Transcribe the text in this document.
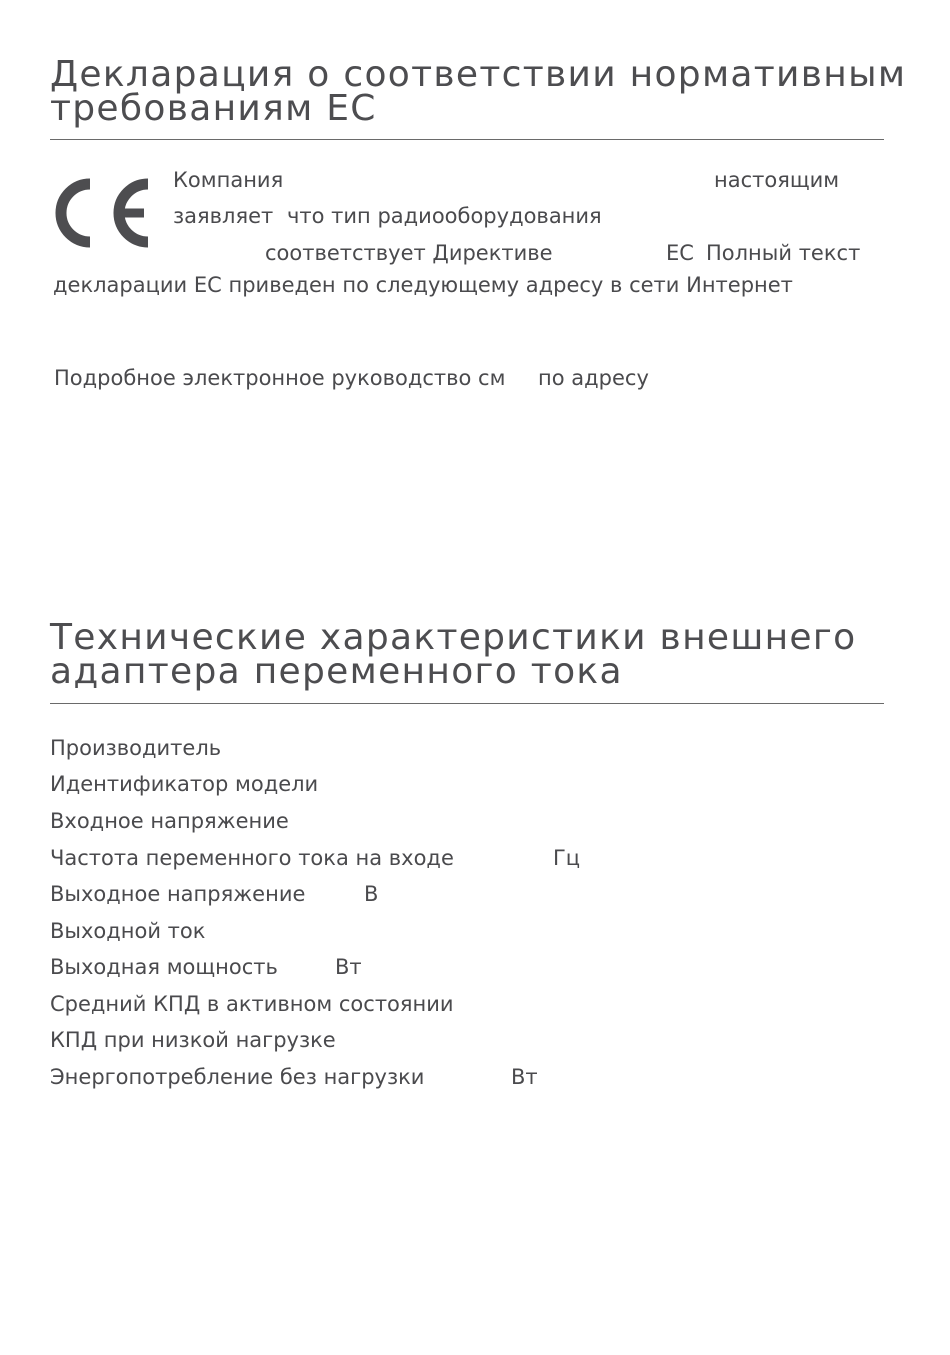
Декларация о соответствии нормативным
требованиям ЕС
Компания	настоящим
заявляет что тип радиооборудования
соответствует Директиве	ЕС Полный текст
декларации ЕС приведен по следующему адресу в сети Интернет
Подробное электронное руководство см по адресу
Технические характеристики внешнего
адаптера переменного тока
Производитель
Идентификатор модели
Входное напряжение
Частота переменного тока на входе	Гц
Выходное напряжение	В
Выходной ток
Выходная мощность	Вт
Средний КПД в активном состоянии
КПД при низкой нагрузке
Энергопотребление без нагрузки	Вт
